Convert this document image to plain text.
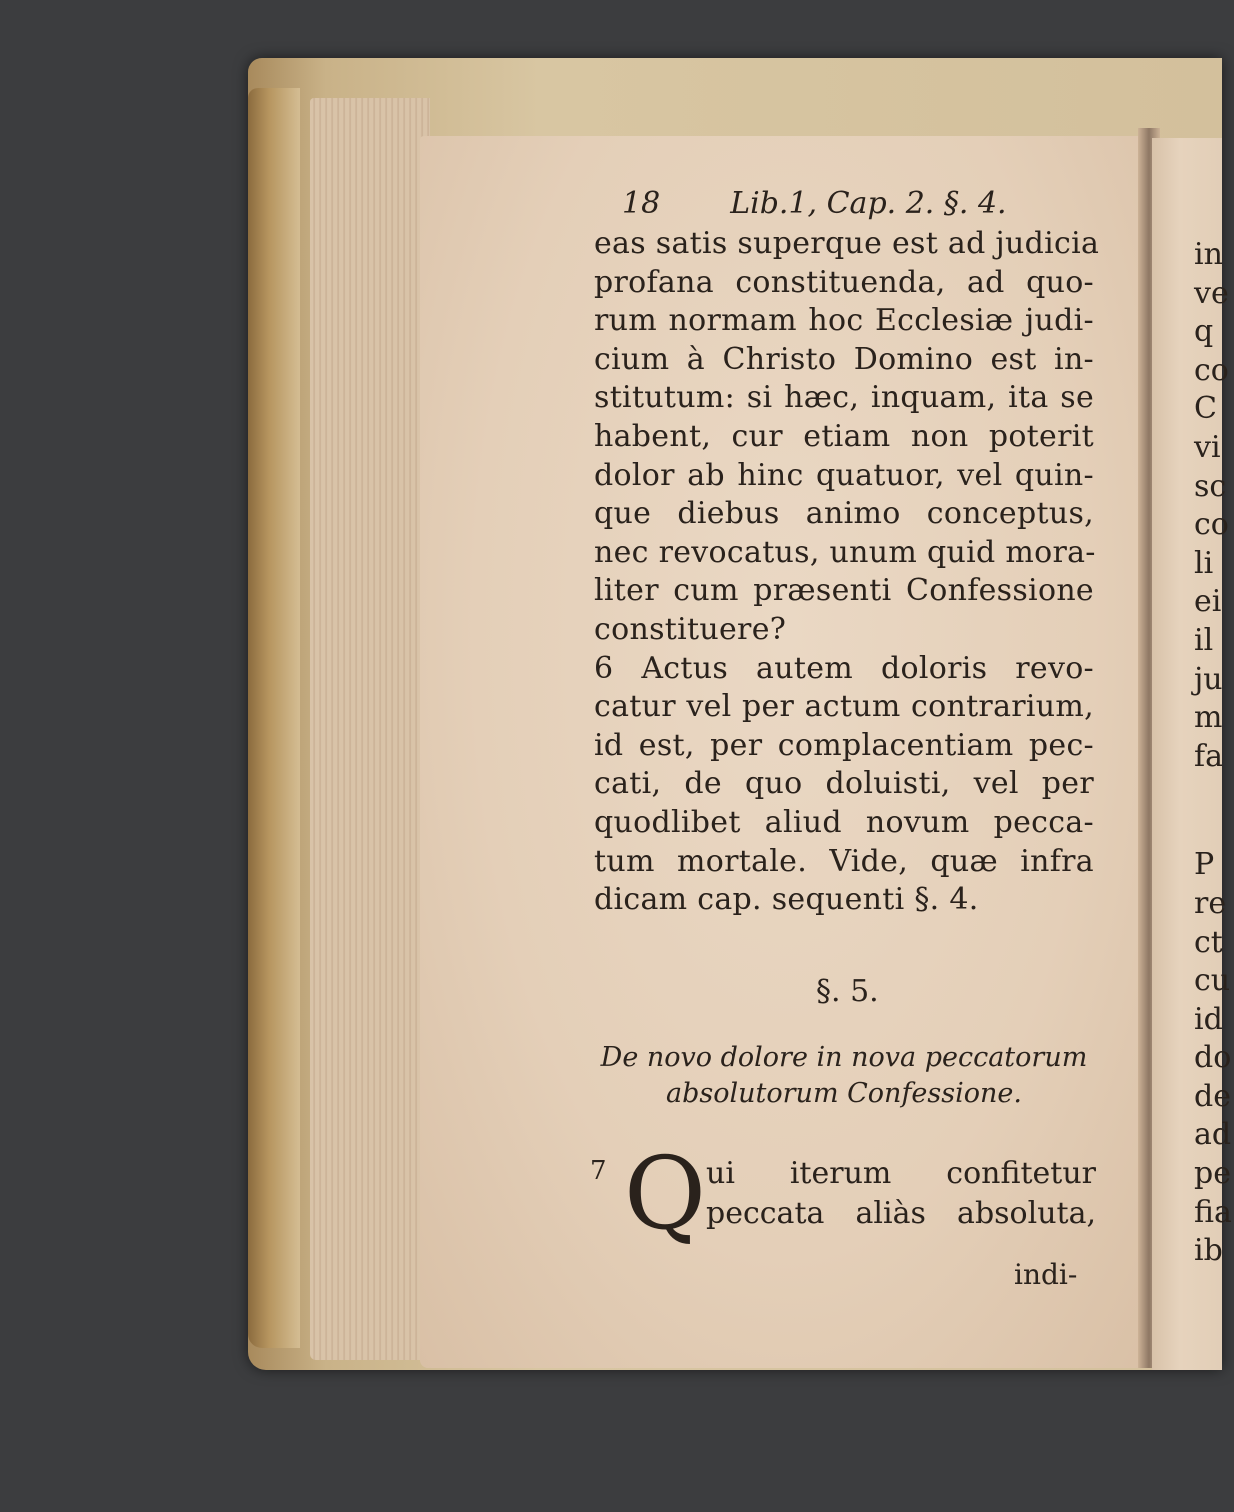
18 Lib.1, Cap. 2. §. 4.
eas satis superque est ad judicia
profana constituenda, ad quo-
rum normam hoc Ecclesiæ judi-
cium à Christo Domino est in-
stitutum: si hæc, inquam, ita se
habent, cur etiam non poterit
dolor ab hinc quatuor, vel quin-
que diebus animo conceptus,
nec revocatus, unum quid mora-
liter cum præsenti Confessione
constituere?
6 Actus autem doloris revo-
catur vel per actum contrarium,
id est, per complacentiam pec-
cati, de quo doluisti, vel per
quodlibet aliud novum pecca-
tum mortale. Vide, quæ infra
dicam cap. sequenti §. 4.
§. 5.
De novo dolore in nova peccatorum
absolutorum Confessione.
7 Q ui iterum confitetur
peccata aliàs absoluta,
indi-
in
ve
q
co
C
vi
sc
co
li
ei
il
ju
m
fa
P
re
ct
cu
id
do
de
ad
pe
fia
ib
